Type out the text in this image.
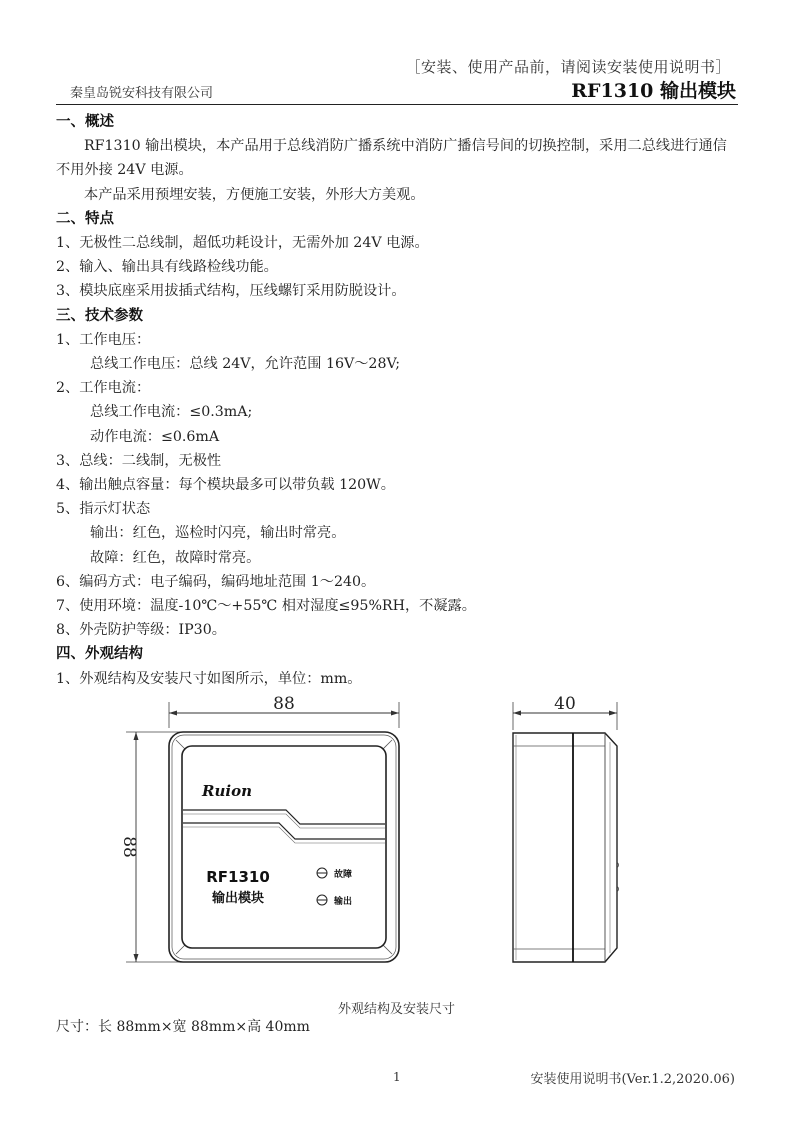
［安装、使用产品前，请阅读安装使用说明书］
秦皇岛锐安科技有限公司	RF1310 输出模块
一、概述
RF1310 输出模块，本产品用于总线消防广播系统中消防广播信号间的切换控制，采用二总线进行通信不用外接 24V 电源。
本产品采用预埋安装，方便施工安装，外形大方美观。
二、特点
1、无极性二总线制，超低功耗设计，无需外加 24V 电源。
2、输入、输出具有线路检线功能。
3、模块底座采用拔插式结构，压线螺钉采用防脱设计。
三、技术参数
1、工作电压：
总线工作电压：总线 24V，允许范围 16V～28V;
2、工作电流：
总线工作电流：≤0.3mA;
动作电流：≤0.6mA
3、总线：二线制，无极性
4、输出触点容量：每个模块最多可以带负载 120W。
5、指示灯状态
输出：红色，巡检时闪亮，输出时常亮。
故障：红色，故障时常亮。
6、编码方式：电子编码，编码地址范围 1～240。
7、使用环境：温度-10℃～+55℃ 相对湿度≤95%RH，不凝露。
8、外壳防护等级：IP30。
四、外观结构
1、外观结构及安装尺寸如图所示，单位：mm。
88
88
Ruion
RF1310
输出模块
故障
输出
40
外观结构及安装尺寸
尺寸：长 88mm×宽 88mm×高 40mm
1	安装使用说明书(Ver.1.2,2020.06)
